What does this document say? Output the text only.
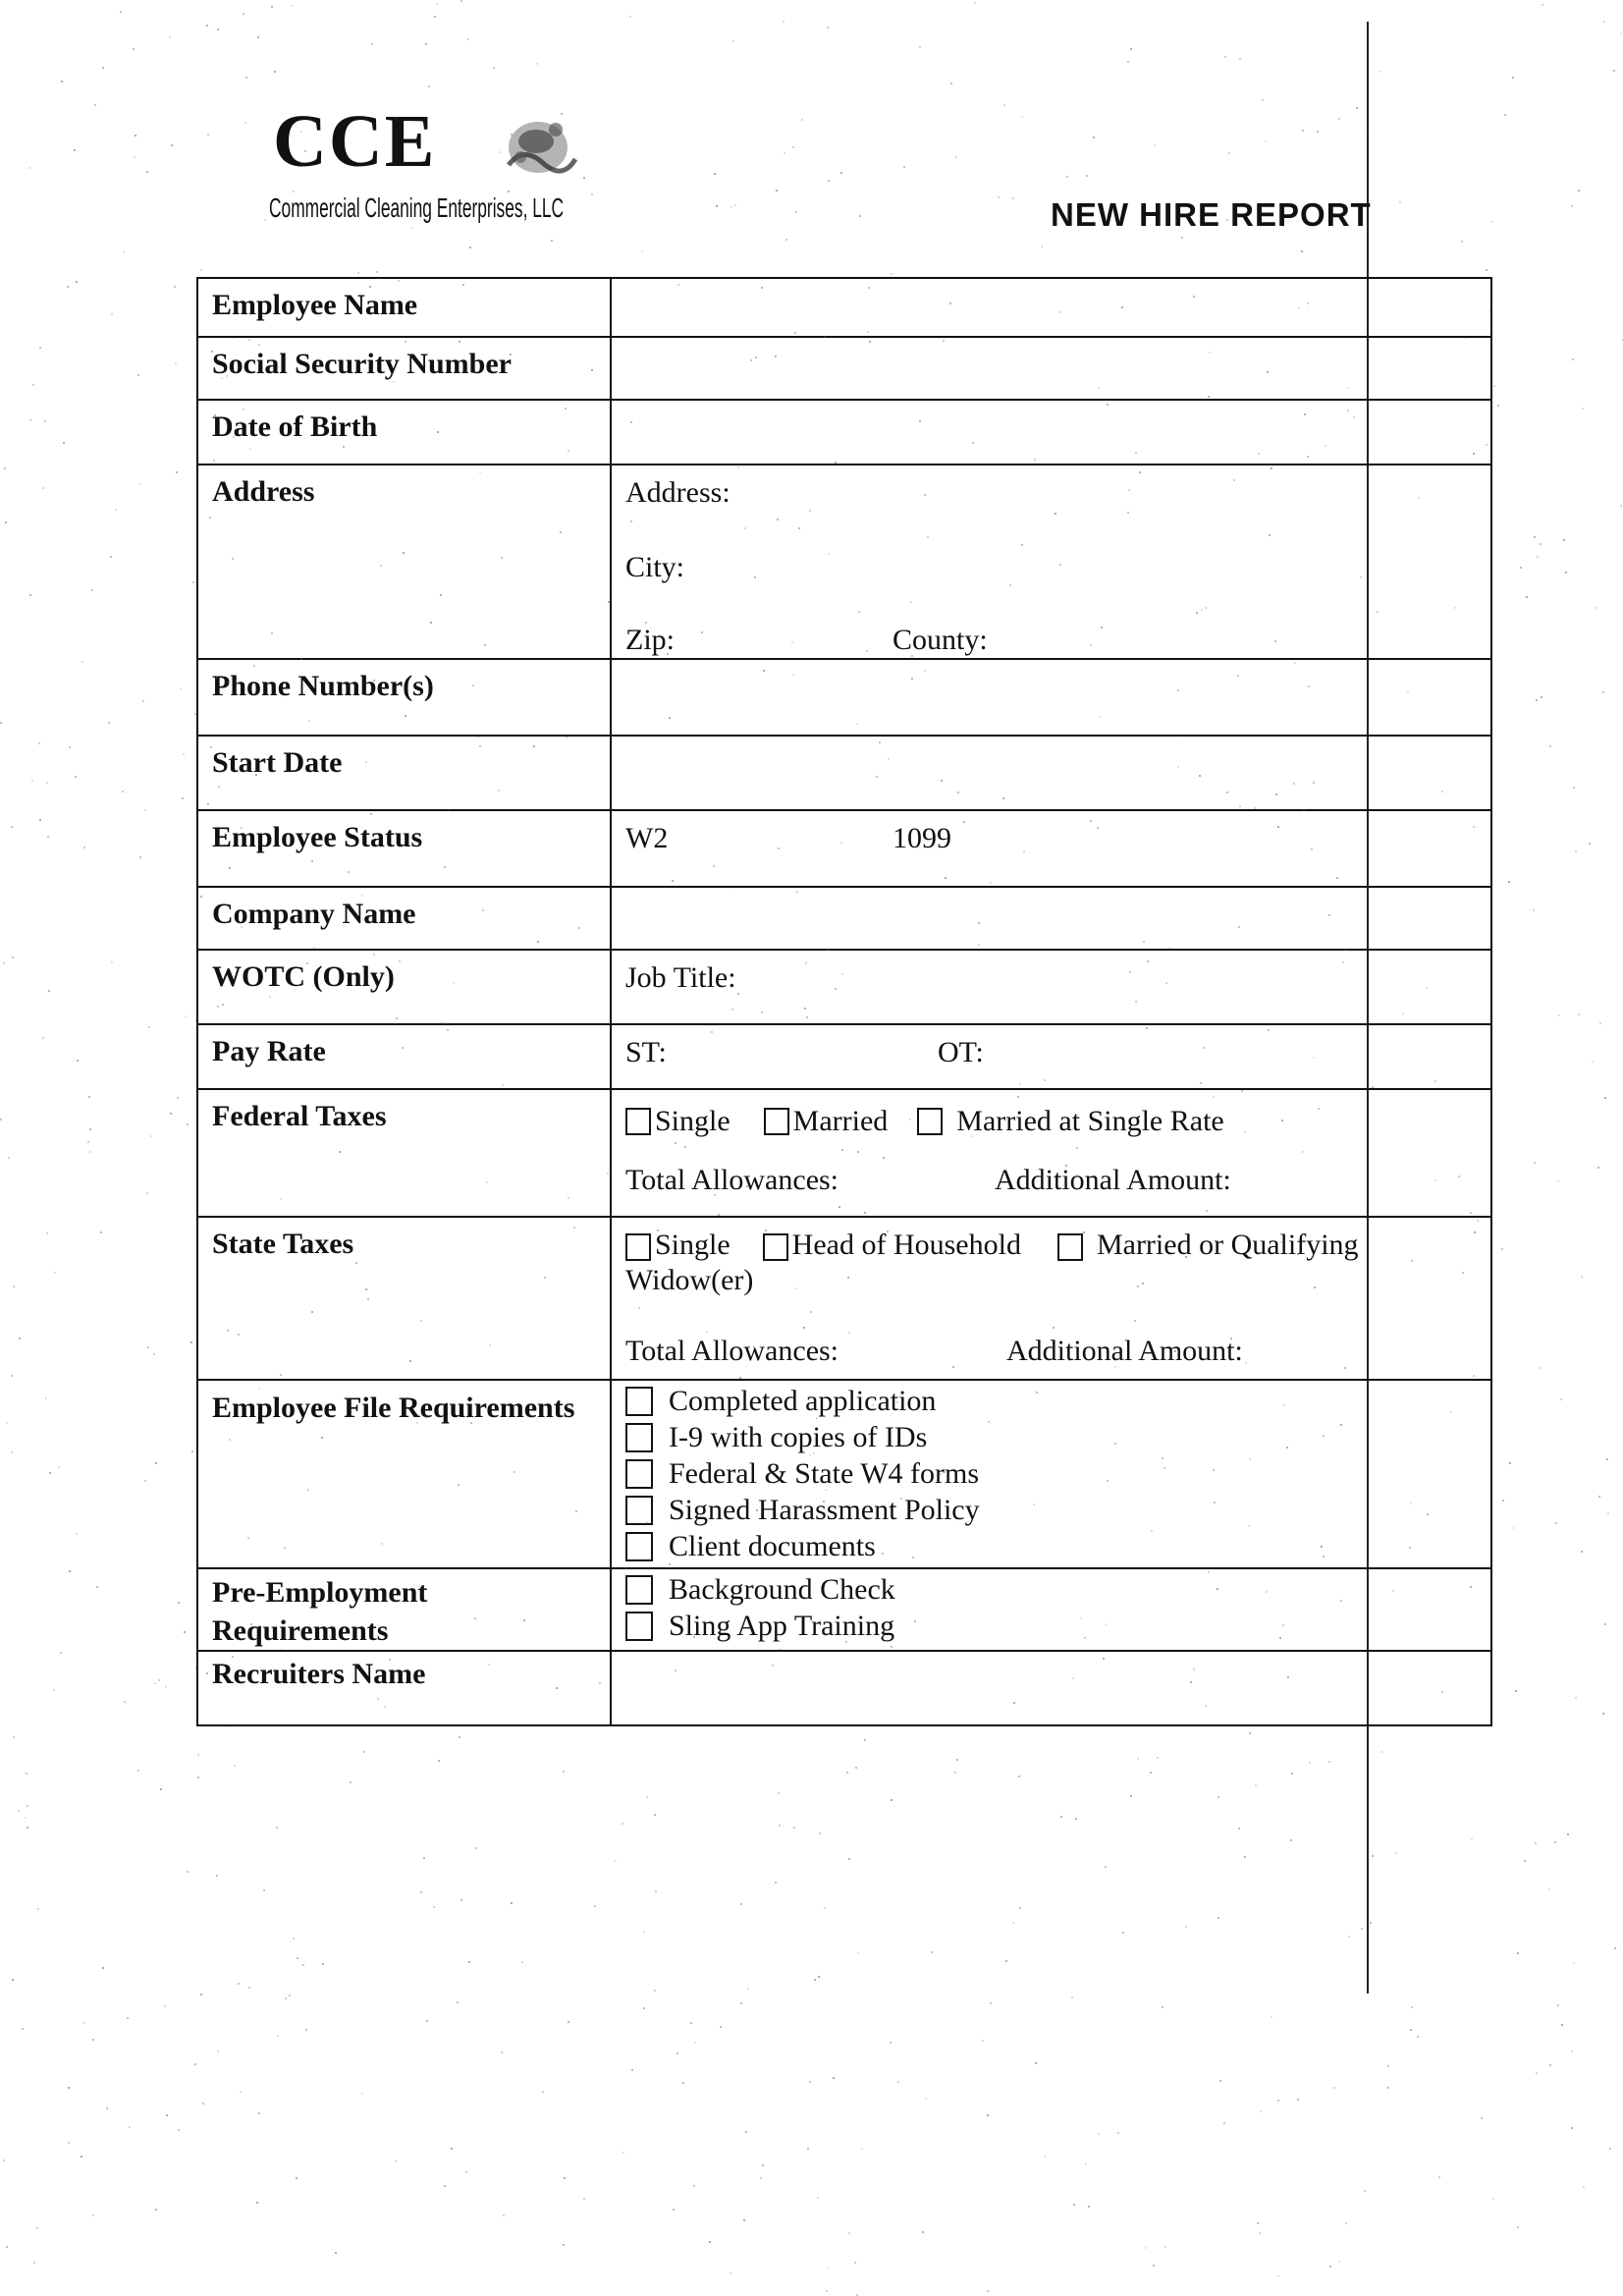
CCE
Commercial Cleaning Enterprises, LLC	NEW HIRE REPORT
Employee Name	
Social Security Number	
Date of Birth	
Address	Address:
City:
Zip: County:

Phone Number(s)	
Start Date	
Employee Status	W2 1099

Company Name	
WOTC (Only)	Job Title:
Pay Rate	ST: OT:

Federal Taxes	Single Married Married at Single Rate
Total Allowances: Additional Amount:

State Taxes	Single Head of Household Married or Qualifying Widow(er)
Total Allowances: Additional Amount:

Employee File Requirements	Completed application
I-9 with copies of IDs
Federal & State W4 forms
Signed Harassment Policy
Client documents

Pre-Employment Requirements	Background Check
Sling App Training

Recruiters Name	
